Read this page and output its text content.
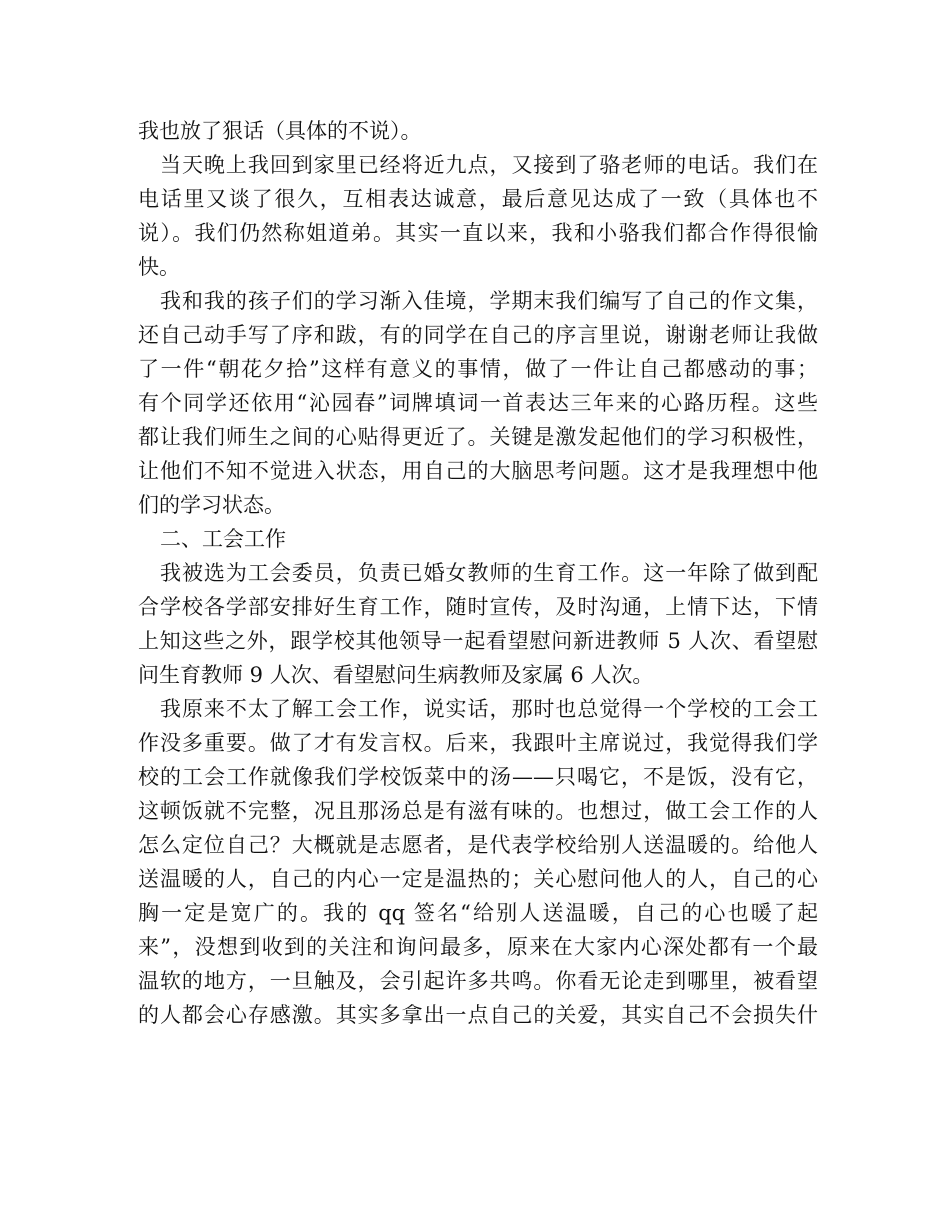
我也放了狠话（具体的不说）。
当天晚上我回到家里已经将近九点，又接到了骆老师的电话。我们在
电话里又谈了很久，互相表达诚意，最后意见达成了一致（具体也不
说）。我们仍然称姐道弟。其实一直以来，我和小骆我们都合作得很愉
快。
我和我的孩子们的学习渐入佳境，学期末我们编写了自己的作文集，
还自己动手写了序和跋，有的同学在自己的序言里说，谢谢老师让我做
了一件“朝花夕拾”这样有意义的事情，做了一件让自己都感动的事；
有个同学还依用“沁园春”词牌填词一首表达三年来的心路历程。这些
都让我们师生之间的心贴得更近了。关键是激发起他们的学习积极性，
让他们不知不觉进入状态，用自己的大脑思考问题。这才是我理想中他
们的学习状态。
二、工会工作
我被选为工会委员，负责已婚女教师的生育工作。这一年除了做到配
合学校各学部安排好生育工作，随时宣传，及时沟通，上情下达，下情
上知这些之外，跟学校其他领导一起看望慰问新进教师 5 人次、看望慰
问生育教师 9 人次、看望慰问生病教师及家属 6 人次。
我原来不太了解工会工作，说实话，那时也总觉得一个学校的工会工
作没多重要。做了才有发言权。后来，我跟叶主席说过，我觉得我们学
校的工会工作就像我们学校饭菜中的汤——只喝它，不是饭，没有它，
这顿饭就不完整，况且那汤总是有滋有味的。也想过，做工会工作的人
怎么定位自己？大概就是志愿者，是代表学校给别人送温暖的。给他人
送温暖的人，自己的内心一定是温热的；关心慰问他人的人，自己的心
胸一定是宽广的。我的 qq 签名“给别人送温暖，自己的心也暖了起
来”，没想到收到的关注和询问最多，原来在大家内心深处都有一个最
温软的地方，一旦触及，会引起许多共鸣。你看无论走到哪里，被看望
的人都会心存感激。其实多拿出一点自己的关爱，其实自己不会损失什
